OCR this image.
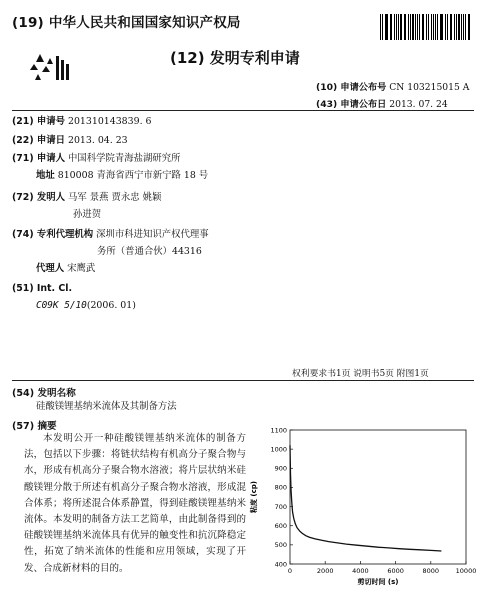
(19) 中华人民共和国国家知识产权局
(12) 发明专利申请
(10) 申请公布号 CN 103215015 A
(43) 申请公布日 2013. 07. 24
(21) 申请号 201310143839. 6
(22) 申请日 2013. 04. 23
(71) 申请人 中国科学院青海盐湖研究所
地址 810008 青海省西宁市新宁路 18 号
(72) 发明人 马军 景燕 贾永忠 姚颖
孙进贺
(74) 专利代理机构 深圳市科进知识产权代理事
务所（普通合伙）44316
代理人 宋鹰武
(51) Int. Cl.
C09K 5/10(2006. 01)
权利要求书1页 说明书5页 附图1页
(54) 发明名称
硅酸镁锂基纳米流体及其制备方法
(57) 摘要
本发明公开一种硅酸镁锂基纳米流体的制备方法，包括以下步骤：将链状结构有机高分子聚合物与水，形成有机高分子聚合物水溶液；将片层状纳米硅酸镁锂分散于所述有机高分子聚合物水溶液，形成混合体系；将所述混合体系静置，得到硅酸镁锂基纳米流体。本发明的制备方法工艺简单，由此制备得到的硅酸镁锂基纳米流体具有优异的触变性和抗沉降稳定性，拓宽了纳米流体的性能和应用领域，实现了开发、合成新材料的目的。	400
500
600
700
800
900
1000
1100
0	2000	4000	6000	8000	10000
剪切时间 (s)
粘度 (cp)
